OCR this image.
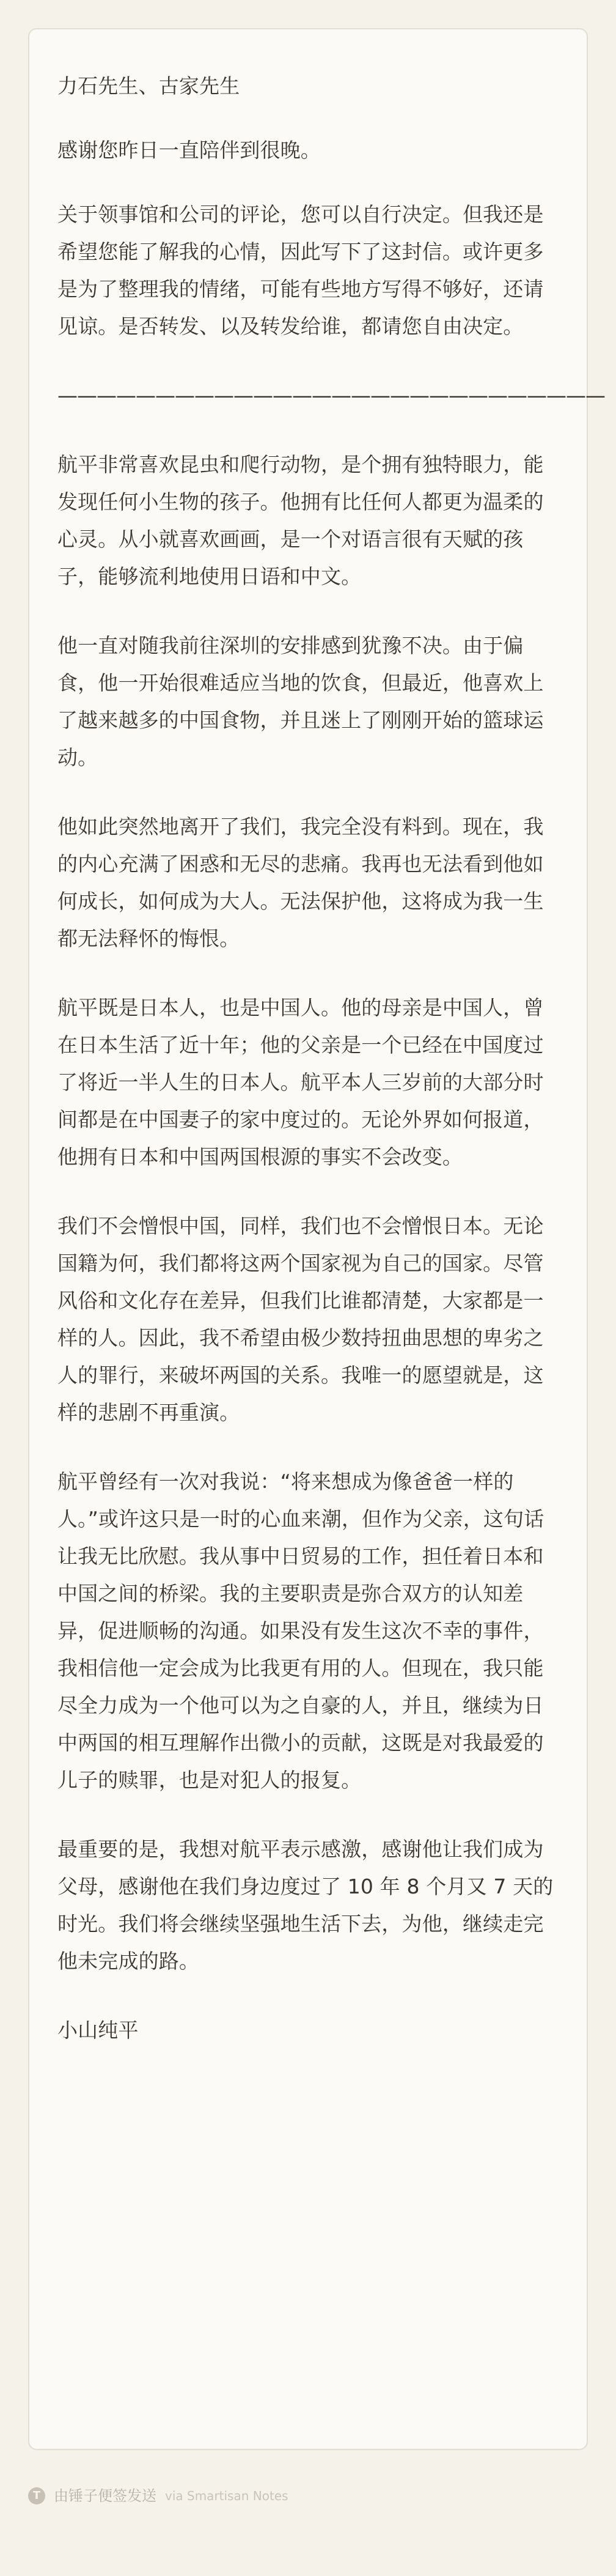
力石先生、古家先生

感谢您昨日一直陪伴到很晚。

关于领事馆和公司的评论，您可以自行决定。但我还是希望您能了解我的心情，因此写下了这封信。或许更多是为了整理我的情绪，可能有些地方写得不够好，还请见谅。是否转发、以及转发给谁，都请您自由决定。

————————————————————————————

航平非常喜欢昆虫和爬行动物，是个拥有独特眼力，能发现任何小生物的孩子。他拥有比任何人都更为温柔的心灵。从小就喜欢画画，是一个对语言很有天赋的孩子，能够流利地使用日语和中文。

他一直对随我前往深圳的安排感到犹豫不决。由于偏食，他一开始很难适应当地的饮食，但最近，他喜欢上了越来越多的中国食物，并且迷上了刚刚开始的篮球运动。

他如此突然地离开了我们，我完全没有料到。现在，我的内心充满了困惑和无尽的悲痛。我再也无法看到他如何成长，如何成为大人。无法保护他，这将成为我一生都无法释怀的悔恨。

航平既是日本人，也是中国人。他的母亲是中国人，曾在日本生活了近十年；他的父亲是一个已经在中国度过了将近一半人生的日本人。航平本人三岁前的大部分时间都是在中国妻子的家中度过的。无论外界如何报道，他拥有日本和中国两国根源的事实不会改变。

我们不会憎恨中国，同样，我们也不会憎恨日本。无论国籍为何，我们都将这两个国家视为自己的国家。尽管风俗和文化存在差异，但我们比谁都清楚，大家都是一样的人。因此，我不希望由极少数持扭曲思想的卑劣之人的罪行，来破坏两国的关系。我唯一的愿望就是，这样的悲剧不再重演。

航平曾经有一次对我说：“将来想成为像爸爸一样的人。”或许这只是一时的心血来潮，但作为父亲，这句话让我无比欣慰。我从事中日贸易的工作，担任着日本和中国之间的桥梁。我的主要职责是弥合双方的认知差异，促进顺畅的沟通。如果没有发生这次不幸的事件，我相信他一定会成为比我更有用的人。但现在，我只能尽全力成为一个他可以为之自豪的人，并且，继续为日中两国的相互理解作出微小的贡献，这既是对我最爱的儿子的赎罪，也是对犯人的报复。

最重要的是，我想对航平表示感激，感谢他让我们成为父母，感谢他在我们身边度过了 10 年 8 个月又 7 天的时光。我们将会继续坚强地生活下去，为他，继续走完他未完成的路。

小山纯平

T 由锤子便签发送 via Smartisan Notes
